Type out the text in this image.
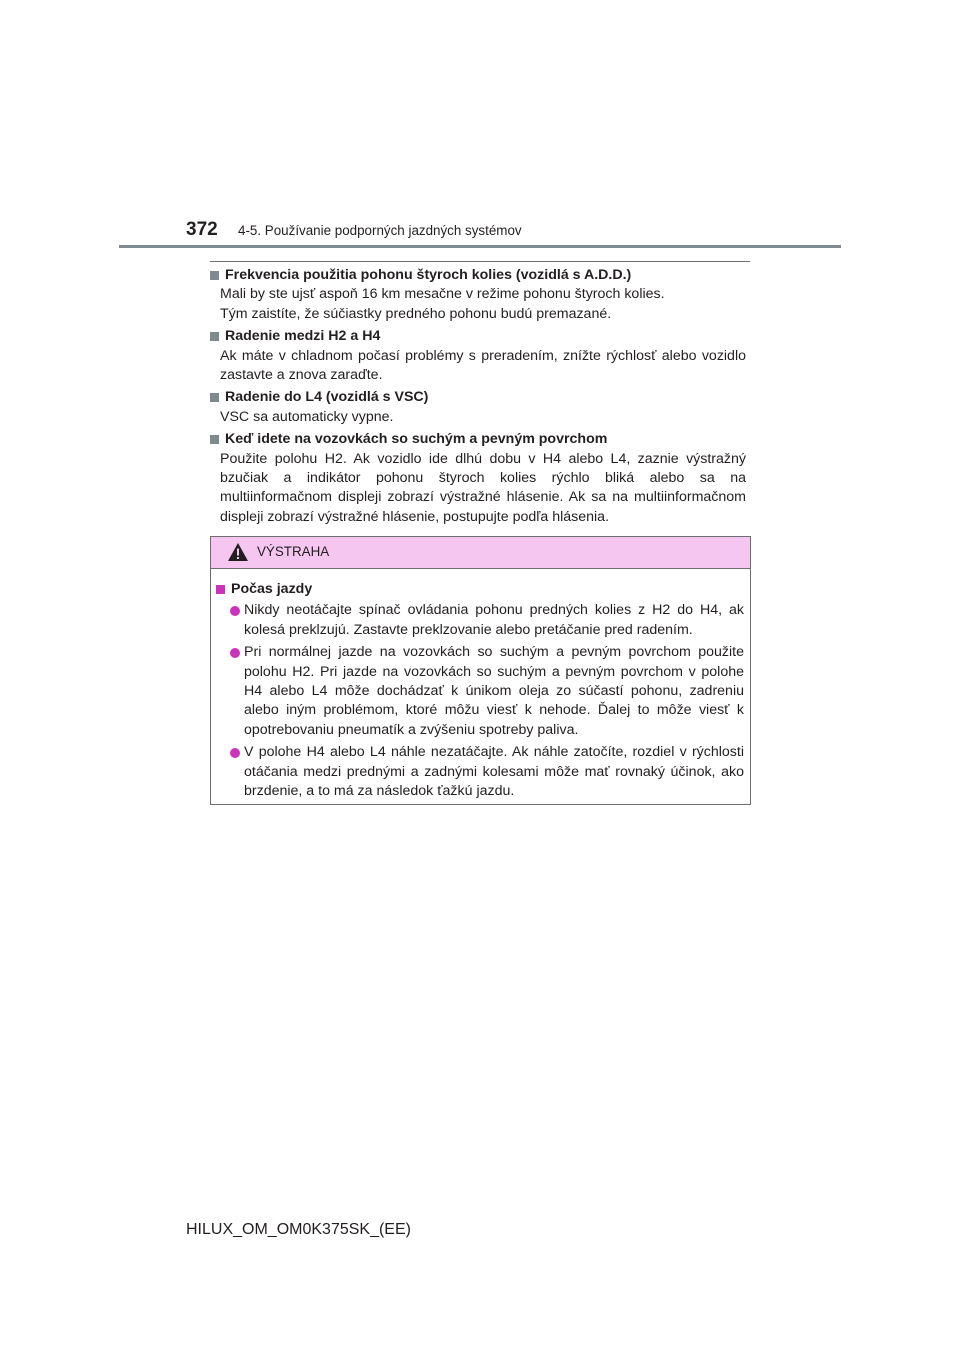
372 4-5. Používanie podporných jazdných systémov
Frekvencia použitia pohonu štyroch kolies (vozidlá s A.D.D.)

Mali by ste ujsť aspoň 16 km mesačne v režime pohonu štyroch kolies.

Tým zaistíte, že súčiastky predného pohonu budú premazané.

Radenie medzi H2 a H4

Ak máte v chladnom počasí problémy s preradením, znížte rýchlosť alebo vozidlo zastavte a znova zaraďte.

Radenie do L4 (vozidlá s VSC)

VSC sa automaticky vypne.

Keď idete na vozovkách so suchým a pevným povrchom

Použite polohu H2. Ak vozidlo ide dlhú dobu v H4 alebo L4, zaznie výstražný bzučiak a indikátor pohonu štyroch kolies rýchlo bliká alebo sa na multiinformačnom displeji zobrazí výstražné hlásenie. Ak sa na multiinformačnom displeji zobrazí výstražné hlásenie, postupujte podľa hlásenia.

VÝSTRAHA
Počas jazdy
Nikdy neotáčajte spínač ovládania pohonu predných kolies z H2 do H4, ak kolesá preklzujú. Zastavte preklzovanie alebo pretáčanie pred radením.
Pri normálnej jazde na vozovkách so suchým a pevným povrchom použite polohu H2. Pri jazde na vozovkách so suchým a pevným povrchom v polohe H4 alebo L4 môže dochádzať k únikom oleja zo súčastí pohonu, zadreniu alebo iným problémom, ktoré môžu viesť k nehode. Ďalej to môže viesť k opotrebovaniu pneumatík a zvýšeniu spotreby paliva.
V polohe H4 alebo L4 náhle nezatáčajte. Ak náhle zatočíte, rozdiel v rýchlosti otáčania medzi prednými a zadnými kolesami môže mať rovnaký účinok, ako brzdenie, a to má za následok ťažkú jazdu.
HILUX_OM_OM0K375SK_(EE)
